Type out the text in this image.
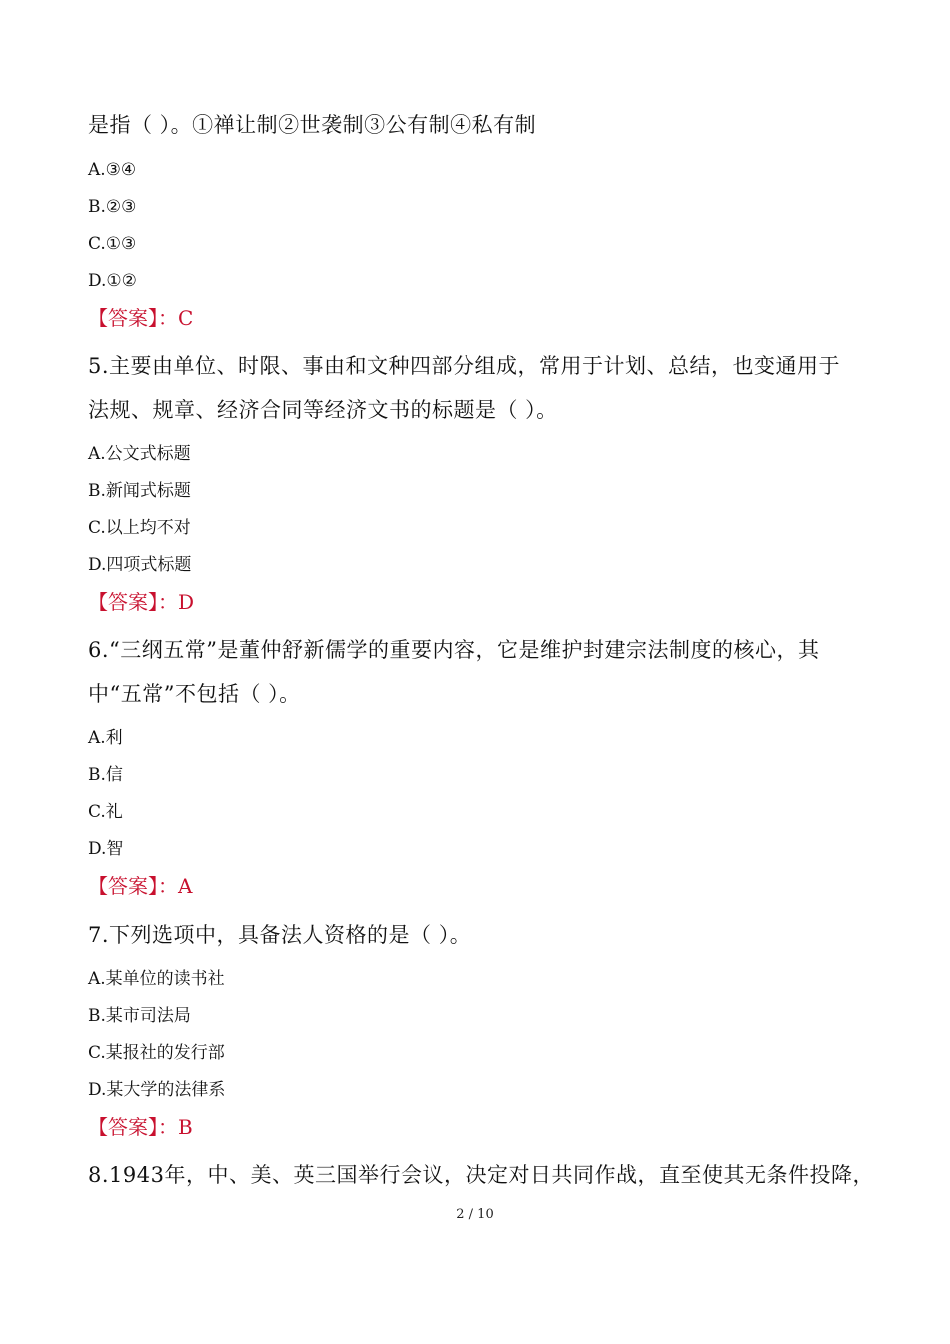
是指（ ）。①禅让制②世袭制③公有制④私有制
A.③④
B.②③
C.①③
D.①②
【答案】：C
5.主要由单位、时限、事由和文种四部分组成，常用于计划、总结，也变通用于
法规、规章、经济合同等经济文书的标题是（ ）。
A.公文式标题
B.新闻式标题
C.以上均不对
D.四项式标题
【答案】：D
6.“三纲五常”是董仲舒新儒学的重要内容，它是维护封建宗法制度的核心，其
中“五常”不包括（ ）。
A.利
B.信
C.礼
D.智
【答案】：A
7.下列选项中，具备法人资格的是（ ）。
A.某单位的读书社
B.某市司法局
C.某报社的发行部
D.某大学的法律系
【答案】：B
8.1943年，中、美、英三国举行会议，决定对日共同作战，直至使其无条件投降，
2 / 10
